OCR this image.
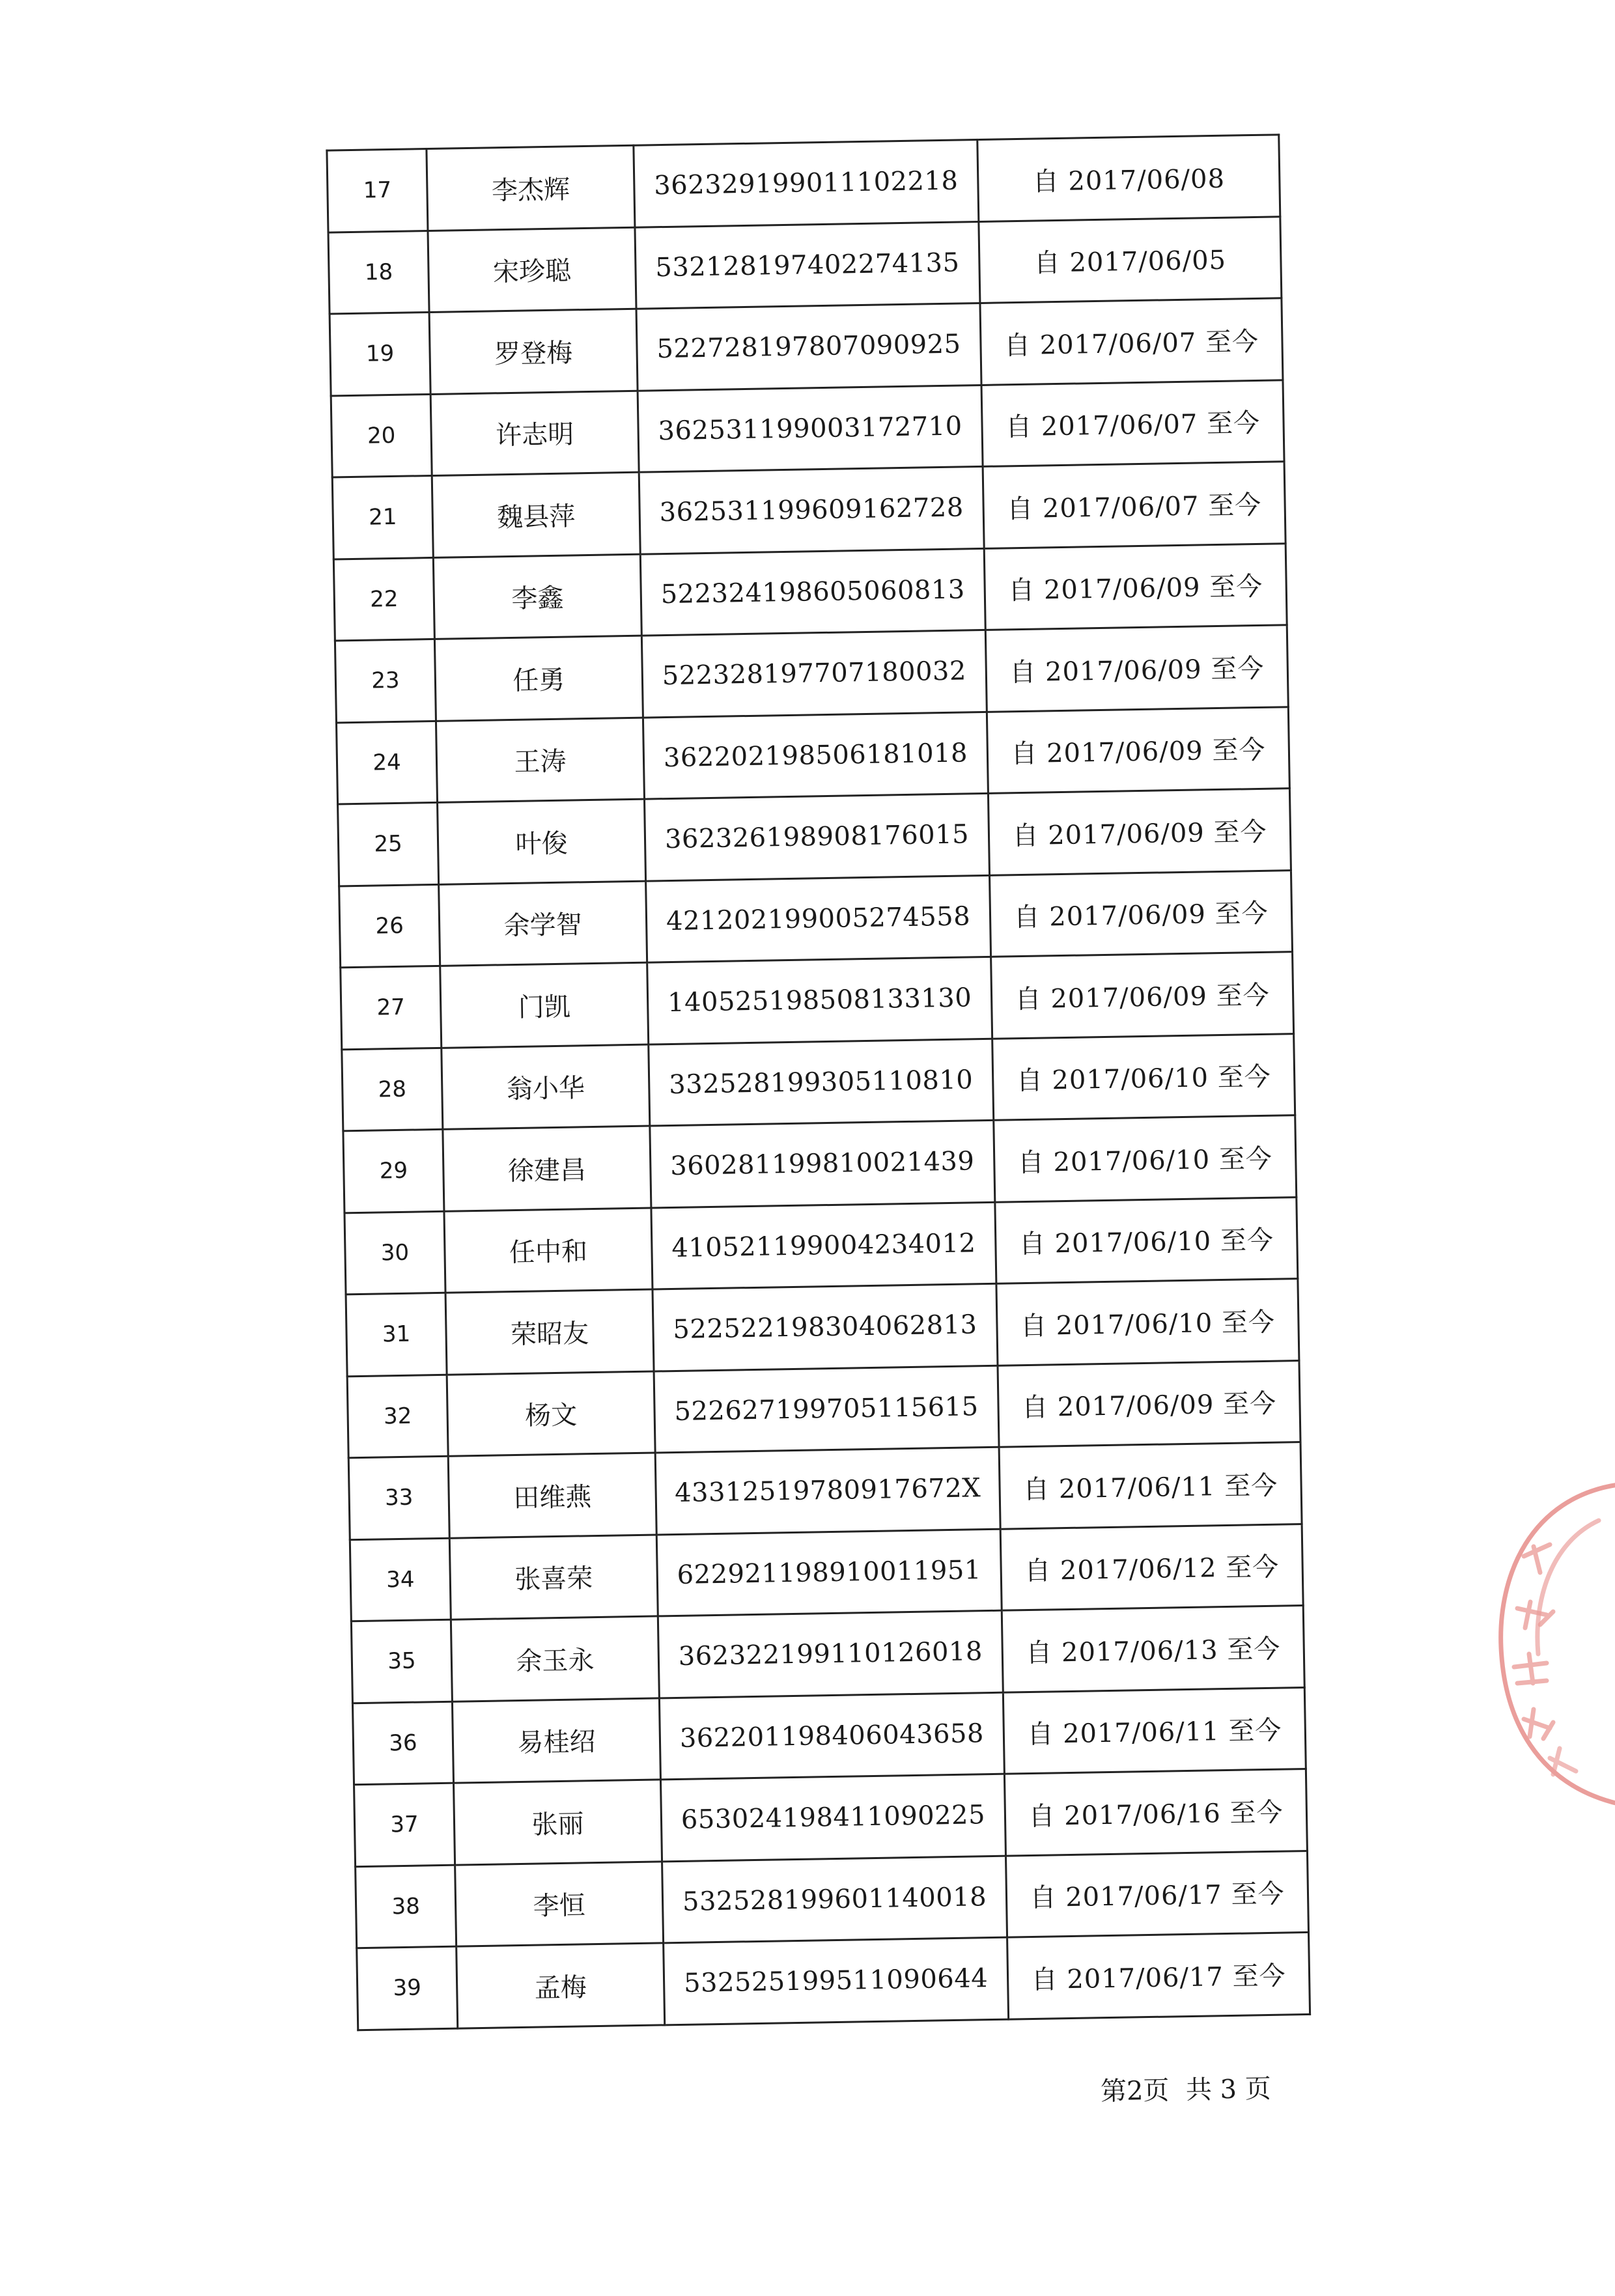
17	李杰辉	362329199011102218	自 2017/06/08
18	宋珍聪	532128197402274135	自 2017/06/05
19	罗登梅	522728197807090925	自 2017/06/07 至今
20	许志明	362531199003172710	自 2017/06/07 至今
21	魏县萍	362531199609162728	自 2017/06/07 至今
22	李鑫	522324198605060813	自 2017/06/09 至今
23	任勇	522328197707180032	自 2017/06/09 至今
24	王涛	362202198506181018	自 2017/06/09 至今
25	叶俊	362326198908176015	自 2017/06/09 至今
26	余学智	421202199005274558	自 2017/06/09 至今
27	门凯	140525198508133130	自 2017/06/09 至今
28	翁小华	332528199305110810	自 2017/06/10 至今
29	徐建昌	360281199810021439	自 2017/06/10 至今
30	任中和	410521199004234012	自 2017/06/10 至今
31	荣昭友	522522198304062813	自 2017/06/10 至今
32	杨文	522627199705115615	自 2017/06/09 至今
33	田维燕	43312519780917672X	自 2017/06/11 至今
34	张喜荣	622921198910011951	自 2017/06/12 至今
35	余玉永	362322199110126018	自 2017/06/13 至今
36	易桂绍	362201198406043658	自 2017/06/11 至今
37	张丽	653024198411090225	自 2017/06/16 至今
38	李恒	532528199601140018	自 2017/06/17 至今
39	孟梅	532525199511090644	自 2017/06/17 至今
第2页 共 3 页
